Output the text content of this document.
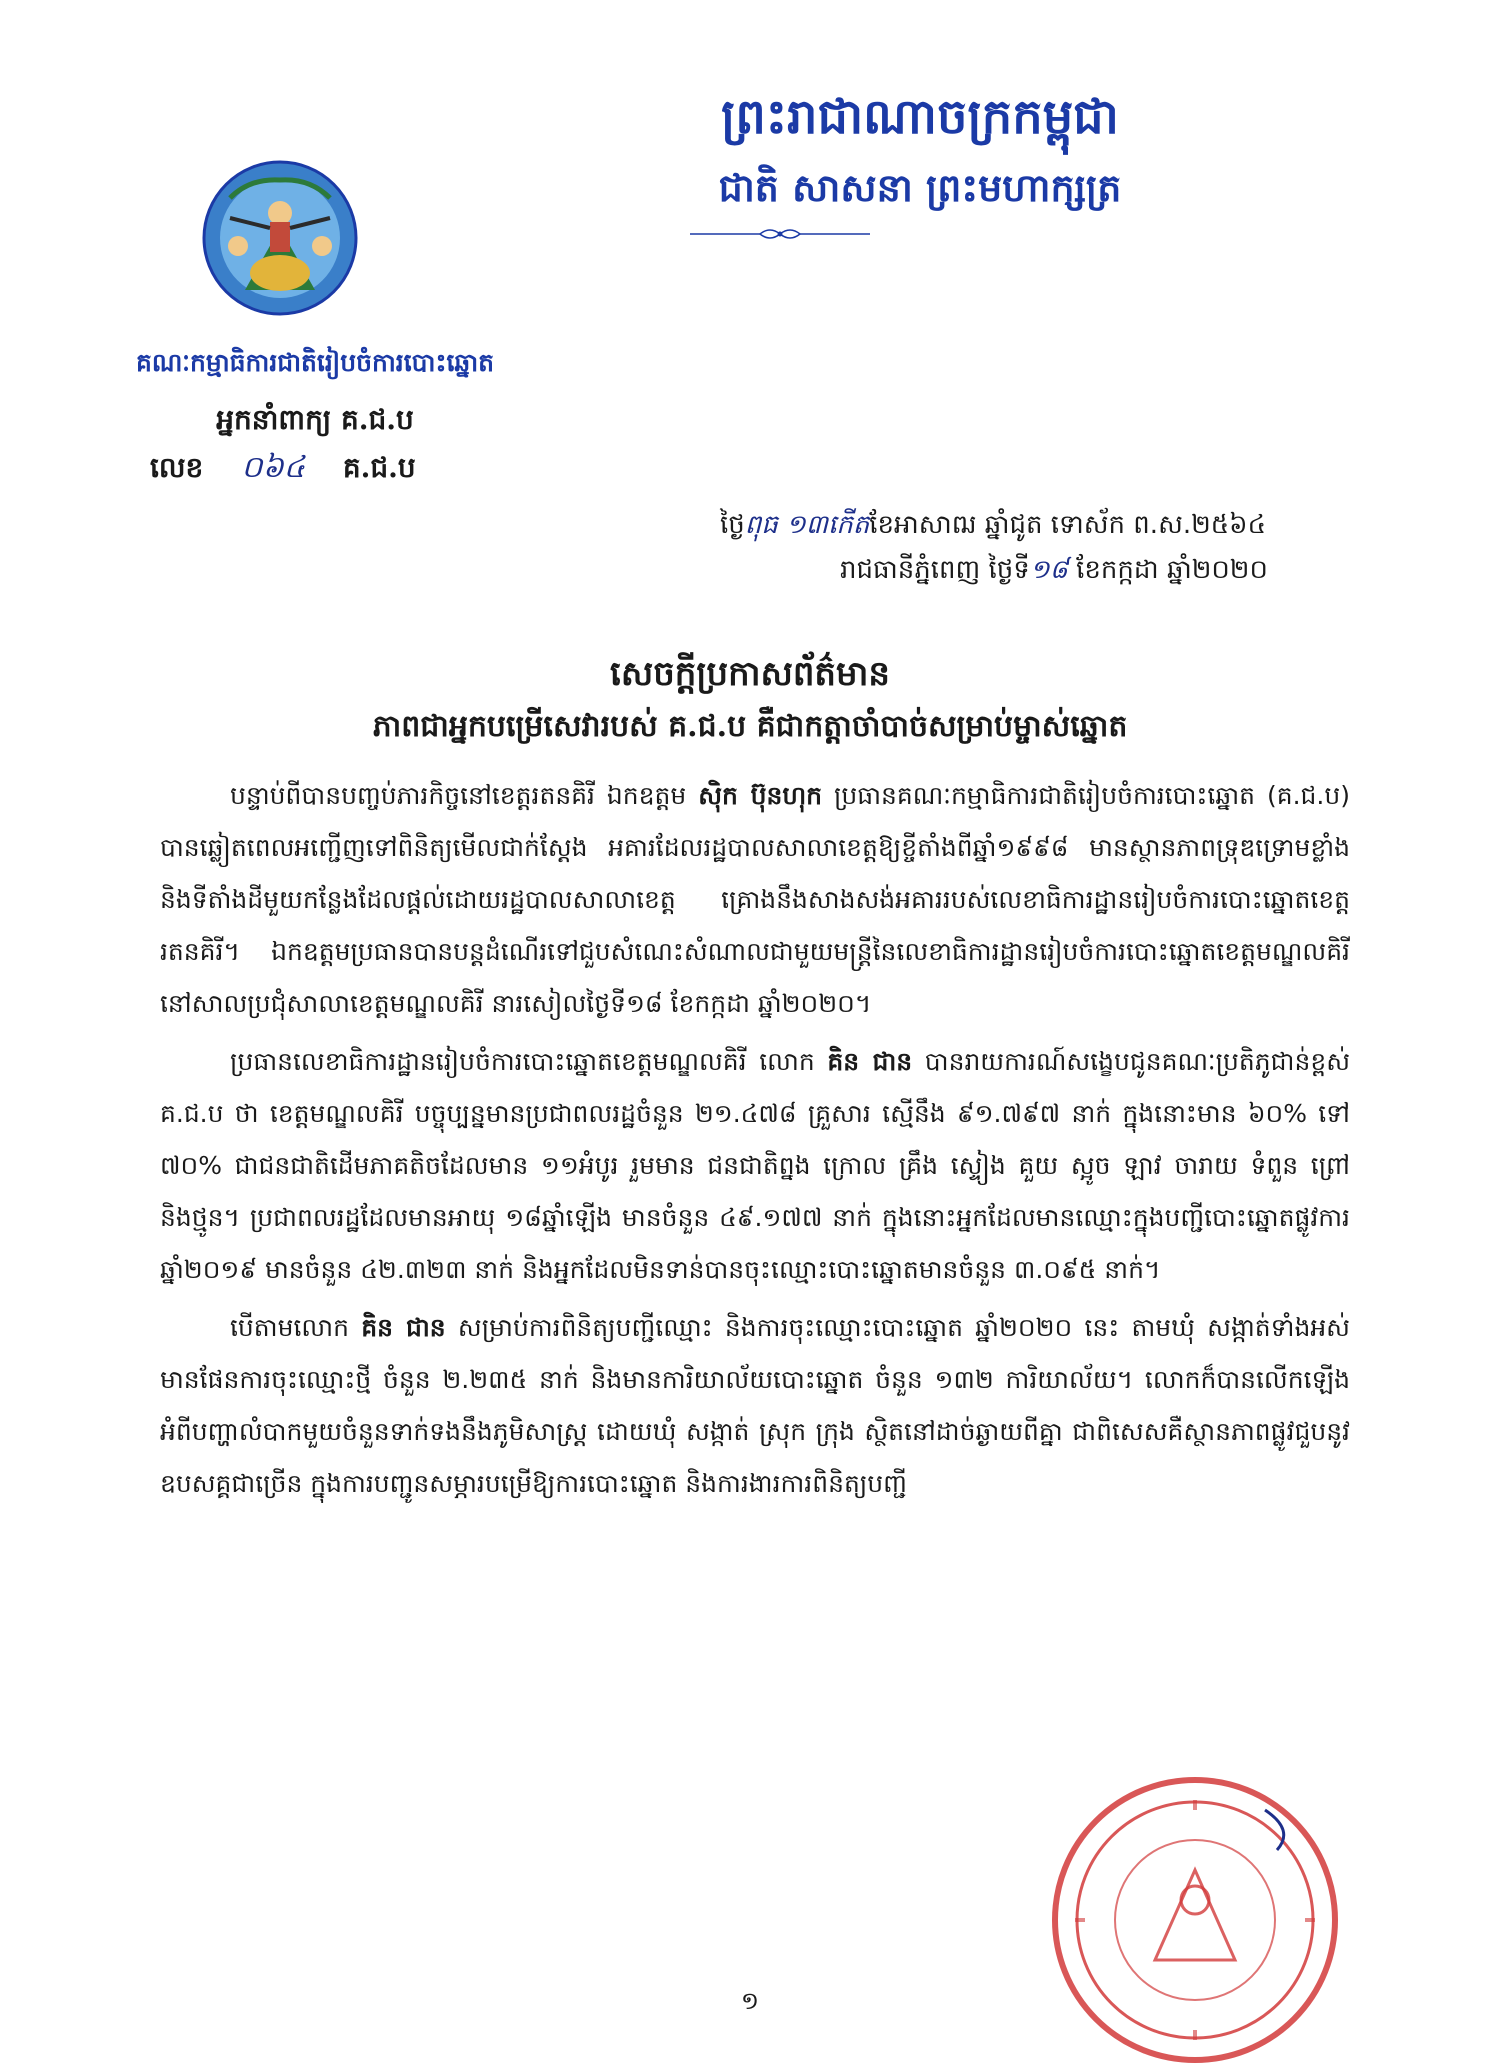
ព្រះរាជាណាចក្រកម្ពុជា
ជាតិ សាសនា ព្រះមហាក្សត្រ
គណៈកម្មាធិការជាតិរៀបចំការបោះឆ្នោត
អ្នកនាំពាក្យ គ.ជ.ប
លេខ ០៦៤ គ.ជ.ប
ថ្ងៃពុធ ១៣កើតខែអាសាឍ ឆ្នាំជូត ទោស័ក ព.ស.២៥៦៤
រាជធានីភ្នំពេញ ថ្ងៃទី១៨ ខែកក្កដា ឆ្នាំ២០២០
សេចក្តីប្រកាសព័ត៌មាន
ភាពជាអ្នកបម្រើសេវារបស់ គ.ជ.ប គឺជាកត្តាចាំបាច់សម្រាប់ម្ចាស់ឆ្នោត

បន្ទាប់ពីបានបញ្ចប់ភារកិច្ចនៅខេត្តរតនគិរី ឯកឧត្តម ស៊ិក ប៊ុនហុក ប្រធានគណៈកម្មាធិការជាតិរៀបចំការបោះឆ្នោត (គ.ជ.ប) បានឆ្លៀតពេលអញ្ជើញទៅពិនិត្យមើលជាក់ស្តែង អគារដែលរដ្ឋបាលសាលាខេត្តឱ្យខ្ចីតាំងពីឆ្នាំ១៩៩៨ មានស្ថានភាពទ្រុឌទ្រោមខ្លាំង និងទីតាំងដីមួយកន្លែងដែលផ្តល់ដោយរដ្ឋបាលសាលាខេត្ត គ្រោងនឹងសាងសង់អគាររបស់លេខាធិការដ្ឋានរៀបចំការបោះឆ្នោតខេត្តរតនគិរី។ ឯកឧត្តមប្រធានបានបន្តដំណើរទៅជួបសំណេះសំណាលជាមួយមន្ត្រីនៃលេខាធិការដ្ឋានរៀបចំការបោះឆ្នោតខេត្តមណ្ឌលគិរី នៅសាលប្រជុំសាលាខេត្តមណ្ឌលគិរី នារសៀលថ្ងៃទី១៨ ខែកក្កដា ឆ្នាំ២០២០។

ប្រធានលេខាធិការដ្ឋានរៀបចំការបោះឆ្នោតខេត្តមណ្ឌលគិរី លោក គិន ជាន បានរាយការណ៍សង្ខេបជូនគណៈប្រតិភូជាន់ខ្ពស់ គ.ជ.ប ថា ខេត្តមណ្ឌលគិរី បច្ចុប្បន្នមានប្រជាពលរដ្ឋចំនួន ២១.៤៧៨ គ្រួសារ ស្មើនឹង ៩១.៧៩៧ នាក់ ក្នុងនោះមាន ៦០% ទៅ ៧០% ជាជនជាតិដើមភាគតិចដែលមាន ១១អំបូរ រួមមាន ជនជាតិព្នង ក្រោល គ្រឹង ស្ទៀង គួយ ស្អូច ឡាវ ចារាយ ទំពួន ព្រៅ និងថ្មូន។ ប្រជាពលរដ្ឋដែលមានអាយុ ១៨ឆ្នាំឡើង មានចំនួន ៤៩.១៧៧ នាក់ ក្នុងនោះអ្នកដែលមានឈ្មោះក្នុងបញ្ជីបោះឆ្នោតផ្លូវការ ឆ្នាំ២០១៩ មានចំនួន ៤២.៣២៣ នាក់ និងអ្នកដែលមិនទាន់បានចុះឈ្មោះបោះឆ្នោតមានចំនួន ៣.០៩៥ នាក់។

បើតាមលោក គិន ជាន សម្រាប់ការពិនិត្យបញ្ជីឈ្មោះ និងការចុះឈ្មោះបោះឆ្នោត ឆ្នាំ២០២០ នេះ តាមឃុំ សង្កាត់ទាំងអស់មានផែនការចុះឈ្មោះថ្មី ចំនួន ២.២៣៥ នាក់ និងមានការិយាល័យបោះឆ្នោត ចំនួន ១៣២ ការិយាល័យ។ លោកក៏បានលើកឡើងអំពីបញ្ហាលំបាកមួយចំនួនទាក់ទងនឹងភូមិសាស្ត្រ ដោយឃុំ សង្កាត់ ស្រុក ក្រុង ស្ថិតនៅដាច់ឆ្ងាយពីគ្នា ជាពិសេសគឺស្ថានភាពផ្លូវជួបនូវឧបសគ្គជាច្រើន ក្នុងការបញ្ជូនសម្ភារបម្រើឱ្យការបោះឆ្នោត និងការងារការពិនិត្យបញ្ជី

១
